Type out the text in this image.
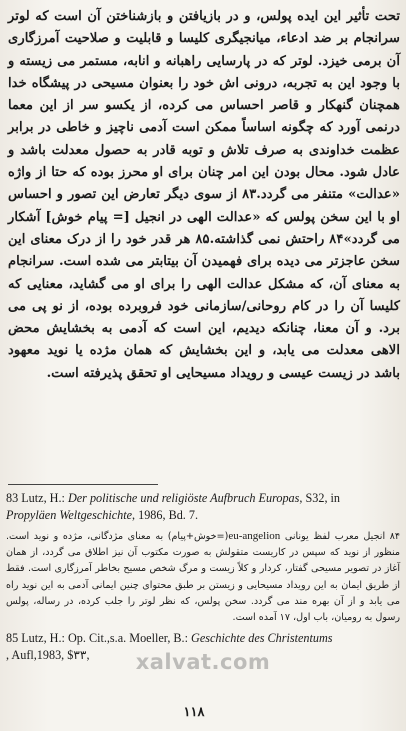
تحت تأثیر این ایده پولس، و در بازیافتن و بازشناختن آن است که لوتر سرانجام بر ضد ادعاء، میانجیگری کلیسا و قابلیت و صلاحیت آمرزگاری آن برمی خیزد. لوتر که در پارسایی راهبانه و انابه، مستمر می زیسته و با وجود این به تجربه، درونی اش خود را بعنوان مسیحی در پیشگاه خدا همچنان گنهکار و قاصر احساس می کرده، از یکسو سر از این معما درنمی آورد که چگونه اساساً ممکن است آدمی ناچیز و خاطی در برابر عظمت خداوندی به صرف تلاش و توبه قادر به حصول معدلت باشد و عادل شود. محال بودن این امر چنان برای او محرز بوده که حتا از واژه «عدالت» متنفر می گردد.۸۳ از سوی دیگر تعارض این تصور و احساس او با این سخن پولس که «عدالت الهی در انجیل [= پیام خوش] آشکار می گردد»۸۴ راحتش نمی گذاشته.۸۵ هر قدر خود را از درک معنای این سخن عاجزتر می دیده برای فهمیدن آن بیتابتر می شده است. سرانجام به معنای آن، که مشکل عدالت الهی را برای او می گشاید، معنایی که کلیسا آن را در کام روحانی/سازمانی خود فروبرده بوده، از نو پی می برد. و آن معنا، چنانکه دیدیم، این است که آدمی به بخشایش محض الاهی معدلت می یابد، و این بخشایش که همان مژده یا نوید معهود باشد در زیست عیسی و رویداد مسیحایی او تحقق پذیرفته است.

83 Lutz, H.: Der politische und religiöste Aufbruch Europas, S32, in
Propyläen Weltgeschichte, 1986, Bd. 7.

۸۴ انجیل معرب لفظ یونانی eu-angelion(=خوش+پیام) به معنای مژدگانی، مژده و نوید است. منظور از نوید که سپس در کاریست متقولش به صورت مکتوب آن نیز اطلاق می گردد، از همان آغاز در تصویر مسیحی گفتار، کردار و کلاً زیست و مرگ شخص مسیح بخاطر آمرزگاری است. فقط از طریق ایمان به این رویداد مسیحایی و زیستن بر طبق محتوای چنین ایمانی آدمی به این نوید راه می یابد و از آن بهره مند می گردد. سخن پولس، که نظر لوتر را جلب کرده، در رساله، پولس رسول به رومیان، باب اول، ۱۷ آمده است.

85 Lutz, H.: Op. Cit.,s.a. Moeller, B.: Geschichte des Christentums
, Aufl,1983, $۳۳,	xalvat.com
۱۱۸
